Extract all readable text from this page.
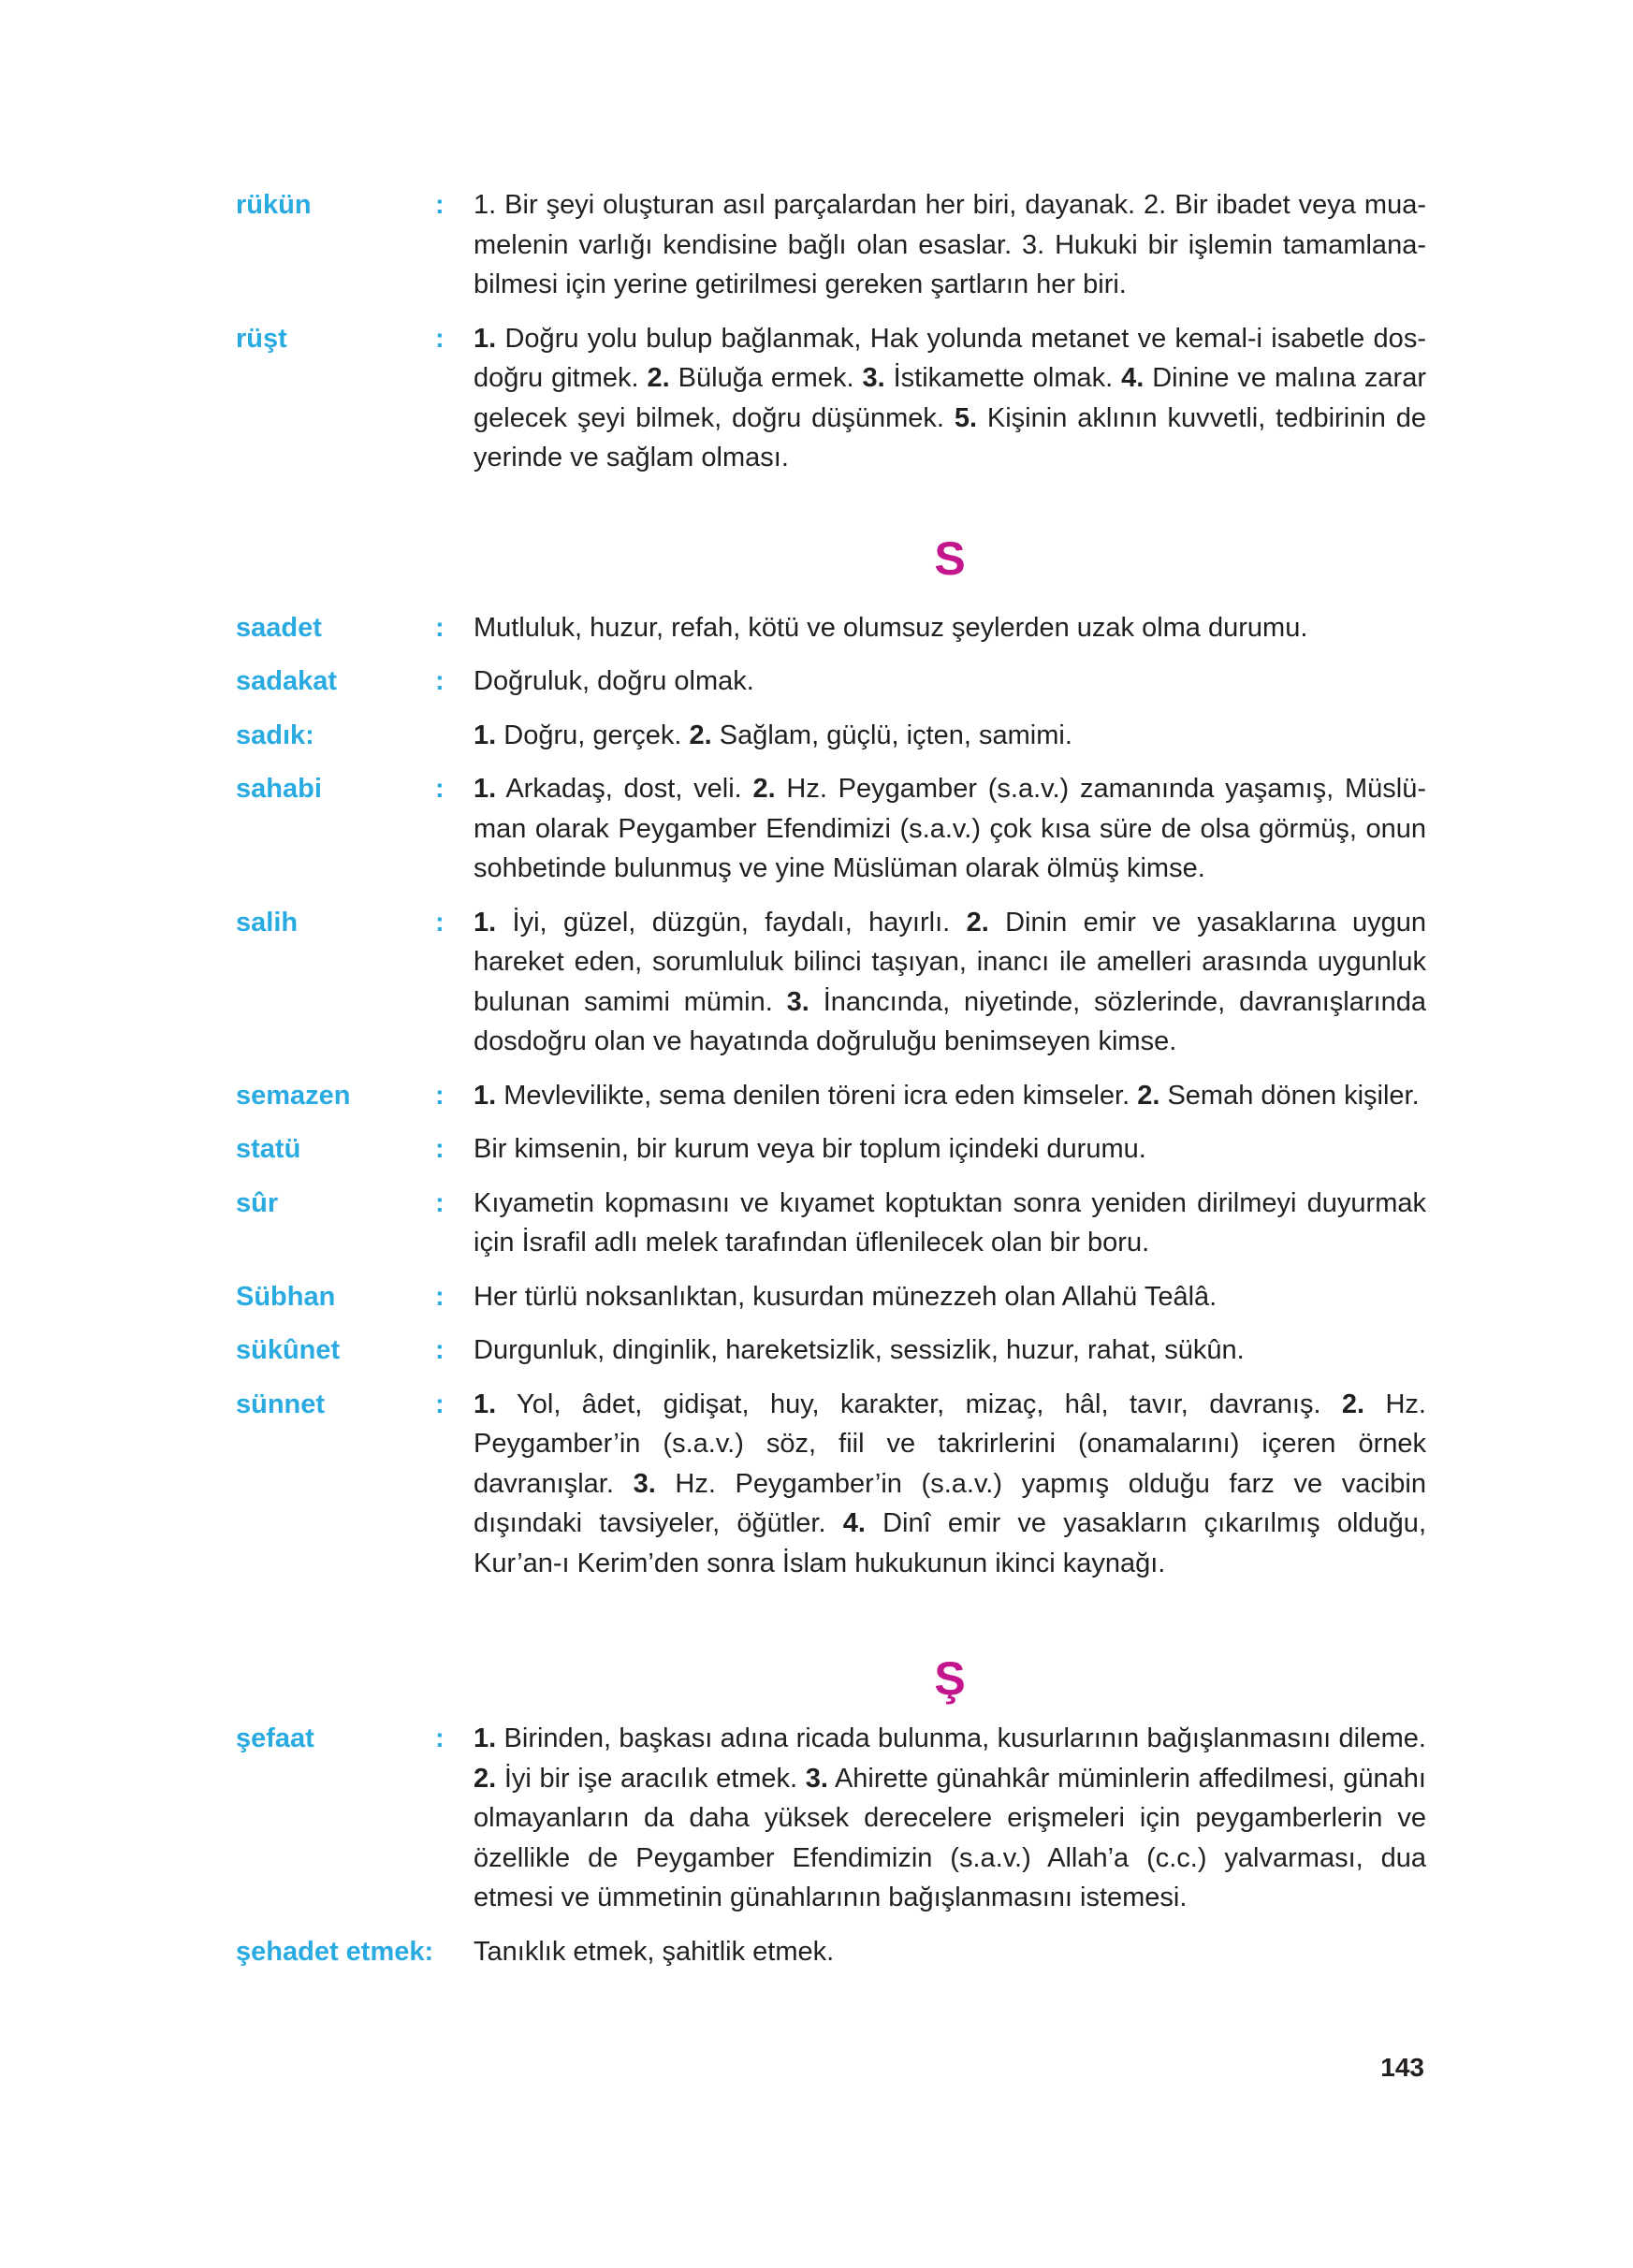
rükün	: 1. Bir şeyi oluşturan asıl parçalardan her biri, dayanak. 2. Bir ibadet veya muamelenin varlığı kendisine bağlı olan esaslar. 3. Hukuki bir işlemin tamamlanabilmesi için yerine getirilmesi gereken şartların her biri.
rüşt	: 1. Doğru yolu bulup bağlanmak, Hak yolunda metanet ve kemal-i isabetle dosdoğru gitmek. 2. Büluğa ermek. 3. İstikamette olmak. 4. Dinine ve malına zarar gelecek şeyi bilmek, doğru düşünmek. 5. Kişinin aklının kuvvetli, tedbirinin de yerinde ve sağlam olması.
S
saadet	: Mutluluk, huzur, refah, kötü ve olumsuz şeylerden uzak olma durumu.
sadakat	: Doğruluk, doğru olmak.
sadık:	1. Doğru, gerçek. 2. Sağlam, güçlü, içten, samimi.
sahabi	: 1. Arkadaş, dost, veli. 2. Hz. Peygamber (s.a.v.) zamanında yaşamış, Müslüman olarak Peygamber Efendimizi (s.a.v.) çok kısa süre de olsa görmüş, onun sohbetinde bulunmuş ve yine Müslüman olarak ölmüş kimse.
salih	: 1. İyi, güzel, düzgün, faydalı, hayırlı. 2. Dinin emir ve yasaklarına uygun hareket eden, sorumluluk bilinci taşıyan, inancı ile amelleri arasında uygunluk bulunan samimi mümin. 3. İnancında, niyetinde, sözlerinde, davranışlarında dosdoğru olan ve hayatında doğruluğu benimseyen kimse.
semazen	: 1. Mevlevilikte, sema denilen töreni icra eden kimseler. 2. Semah dönen kişiler.
statü	: Bir kimsenin, bir kurum veya bir toplum içindeki durumu.
sûr	: Kıyametin kopmasını ve kıyamet koptuktan sonra yeniden dirilmeyi duyurmak için İsrafil adlı melek tarafından üflenilecek olan bir boru.
Sübhan	: Her türlü noksanlıktan, kusurdan münezzeh olan Allahü Teâlâ.
sükûnet	: Durgunluk, dinginlik, hareketsizlik, sessizlik, huzur, rahat, sükûn.
sünnet	: 1. Yol, âdet, gidişat, huy, karakter, mizaç, hâl, tavır, davranış. 2. Hz. Peygamber’in (s.a.v.) söz, fiil ve takrirlerini (onamalarını) içeren örnek davranışlar. 3. Hz. Peygamber’in (s.a.v.) yapmış olduğu farz ve vacibin dışındaki tavsiyeler, öğütler. 4. Dinî emir ve yasakların çıkarılmış olduğu, Kur’an-ı Kerim’den sonra İslam hukukunun ikinci kaynağı.
Ş
şefaat	: 1. Birinden, başkası adına ricada bulunma, kusurlarının bağışlanmasını dileme. 2. İyi bir işe aracılık etmek. 3. Ahirette günahkâr müminlerin affedilmesi, günahı olmayanların da daha yüksek derecelere erişmeleri için peygamberlerin ve özellikle de Peygamber Efendimizin (s.a.v.) Allah’a (c.c.) yalvarması, dua etmesi ve ümmetinin günahlarının bağışlanmasını istemesi.
şehadet etmek: Tanıklık etmek, şahitlik etmek.
143
